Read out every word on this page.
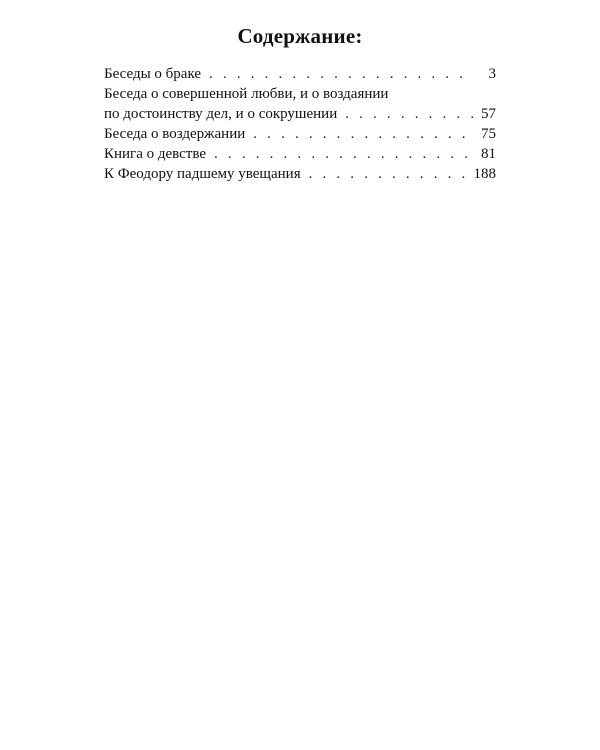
Содержание:
Беседы о браке . . .	3
Беседа о совершенной любви, и о воздаянии
по достоинству дел, и о сокрушении . . .	57
Беседа о воздержании . . .	75
Книга о девстве . . .	81
К Феодору падшему увещания . . .	188
